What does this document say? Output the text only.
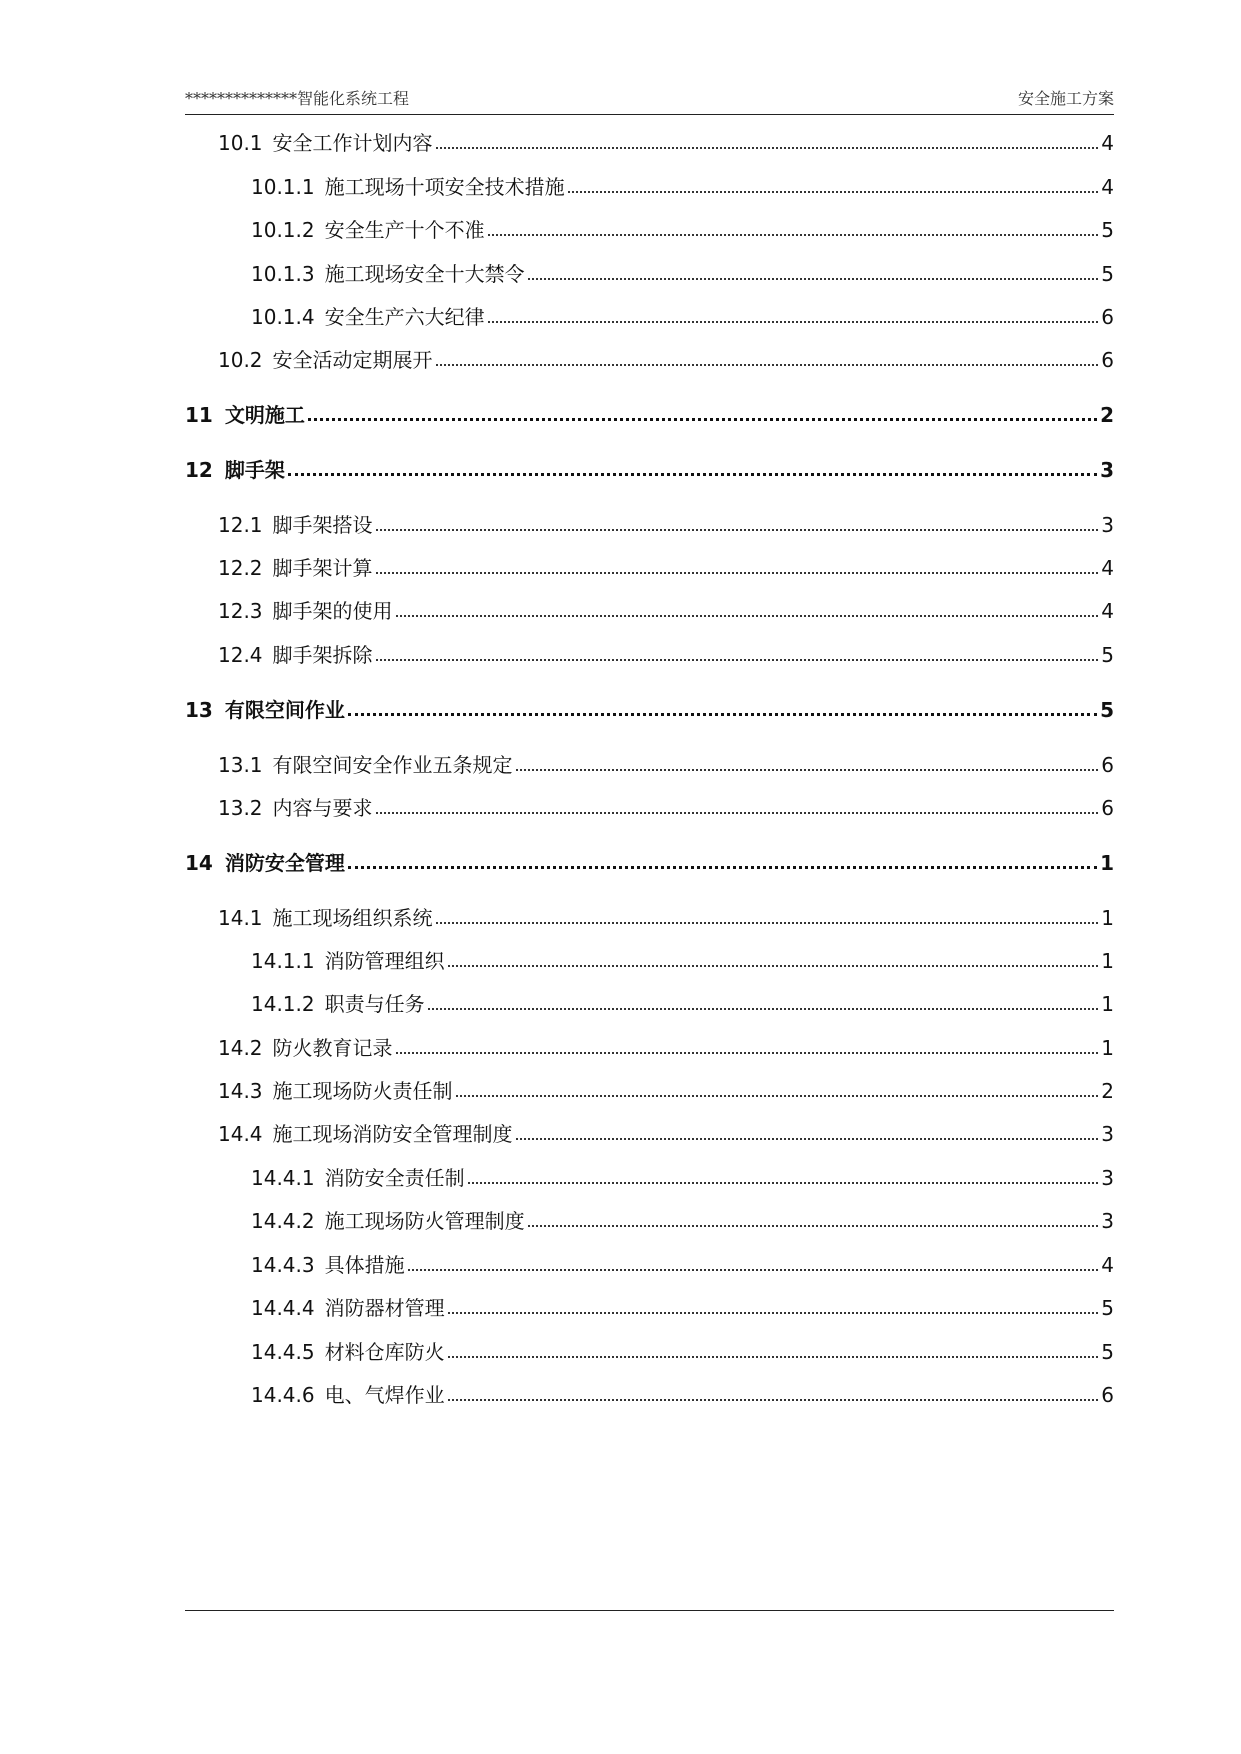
**************智能化系统工程	安全施工方案
10.1 安全工作计划内容	4
10.1.1 施工现场十项安全技术措施	4
10.1.2 安全生产十个不准	5
10.1.3 施工现场安全十大禁令	5
10.1.4 安全生产六大纪律	6
10.2 安全活动定期展开	6
11 文明施工	2
12 脚手架	3
12.1 脚手架搭设	3
12.2 脚手架计算	4
12.3 脚手架的使用	4
12.4 脚手架拆除	5
13 有限空间作业	5
13.1 有限空间安全作业五条规定	6
13.2 内容与要求	6
14 消防安全管理	1
14.1 施工现场组织系统	1
14.1.1 消防管理组织	1
14.1.2 职责与任务	1
14.2 防火教育记录	1
14.3 施工现场防火责任制	2
14.4 施工现场消防安全管理制度	3
14.4.1 消防安全责任制	3
14.4.2 施工现场防火管理制度	3
14.4.3 具体措施	4
14.4.4 消防器材管理	5
14.4.5 材料仓库防火	5
14.4.6 电、气焊作业	6
